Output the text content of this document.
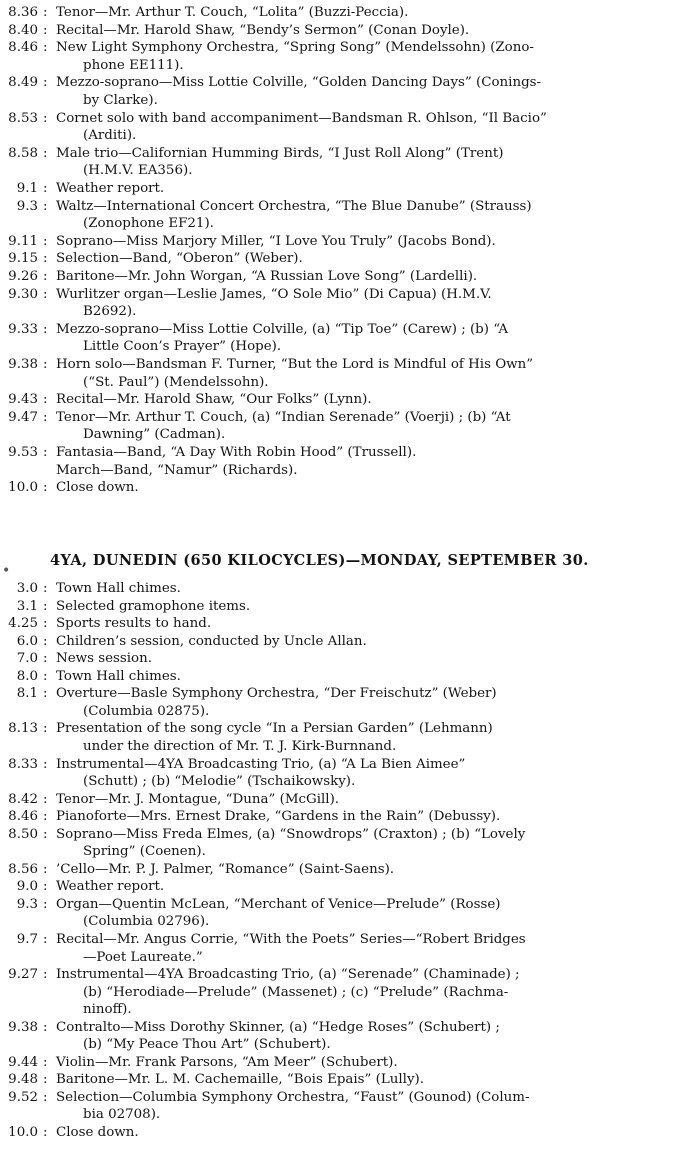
8.36 : Tenor—Mr. Arthur T. Couch, “Lolita” (Buzzi-Peccia).
8.40 : Recital—Mr. Harold Shaw, “Bendy’s Sermon” (Conan Doyle).
8.46 : New Light Symphony Orchestra, “Spring Song” (Mendelssohn) (Zono-
phone EE111).
8.49 : Mezzo-soprano—Miss Lottie Colville, “Golden Dancing Days” (Conings-
by Clarke).
8.53 : Cornet solo with band accompaniment—Bandsman R. Ohlson, “Il Bacio”
(Arditi).
8.58 : Male trio—Californian Humming Birds, “I Just Roll Along” (Trent)
(H.M.V. EA356).
9.1 : Weather report.
9.3 : Waltz—International Concert Orchestra, “The Blue Danube” (Strauss)
(Zonophone EF21).
9.11 : Soprano—Miss Marjory Miller, “I Love You Truly” (Jacobs Bond).
9.15 : Selection—Band, “Oberon” (Weber).
9.26 : Baritone—Mr. John Worgan, “A Russian Love Song” (Lardelli).
9.30 : Wurlitzer organ—Leslie James, “O Sole Mio” (Di Capua) (H.M.V.
B2692).
9.33 : Mezzo-soprano—Miss Lottie Colville, (a) “Tip Toe” (Carew) ; (b) “A
Little Coon’s Prayer” (Hope).
9.38 : Horn solo—Bandsman F. Turner, “But the Lord is Mindful of His Own”
(“St. Paul”) (Mendelssohn).
9.43 : Recital—Mr. Harold Shaw, “Our Folks” (Lynn).
9.47 : Tenor—Mr. Arthur T. Couch, (a) “Indian Serenade” (Voerji) ; (b) “At
Dawning” (Cadman).
9.53 : Fantasia—Band, “A Day With Robin Hood” (Trussell).
March—Band, “Namur” (Richards).
10.0 : Close down.
4YA, DUNEDIN (650 KILOCYCLES)—MONDAY, SEPTEMBER 30.
•
3.0 : Town Hall chimes.
3.1 : Selected gramophone items.
4.25 : Sports results to hand.
6.0 : Children’s session, conducted by Uncle Allan.
7.0 : News session.
8.0 : Town Hall chimes.
8.1 : Overture—Basle Symphony Orchestra, “Der Freischutz” (Weber)
(Columbia 02875).
8.13 : Presentation of the song cycle “In a Persian Garden” (Lehmann)
under the direction of Mr. T. J. Kirk-Burnnand.
8.33 : Instrumental—4YA Broadcasting Trio, (a) “A La Bien Aimee”
(Schutt) ; (b) “Melodie” (Tschaikowsky).
8.42 : Tenor—Mr. J. Montague, “Duna” (McGill).
8.46 : Pianoforte—Mrs. Ernest Drake, “Gardens in the Rain” (Debussy).
8.50 : Soprano—Miss Freda Elmes, (a) “Snowdrops” (Craxton) ; (b) “Lovely
Spring” (Coenen).
8.56 : ’Cello—Mr. P. J. Palmer, “Romance” (Saint-Saens).
9.0 : Weather report.
9.3 : Organ—Quentin McLean, “Merchant of Venice—Prelude” (Rosse)
(Columbia 02796).
9.7 : Recital—Mr. Angus Corrie, “With the Poets” Series—“Robert Bridges
—Poet Laureate.”
9.27 : Instrumental—4YA Broadcasting Trio, (a) “Serenade” (Chaminade) ;
(b) “Herodiade—Prelude” (Massenet) ; (c) “Prelude” (Rachma-
ninoff).
9.38 : Contralto—Miss Dorothy Skinner, (a) “Hedge Roses” (Schubert) ;
(b) “My Peace Thou Art” (Schubert).
9.44 : Violin—Mr. Frank Parsons, “Am Meer” (Schubert).
9.48 : Baritone—Mr. L. M. Cachemaille, “Bois Epais” (Lully).
9.52 : Selection—Columbia Symphony Orchestra, “Faust” (Gounod) (Colum-
bia 02708).
10.0 : Close down.
